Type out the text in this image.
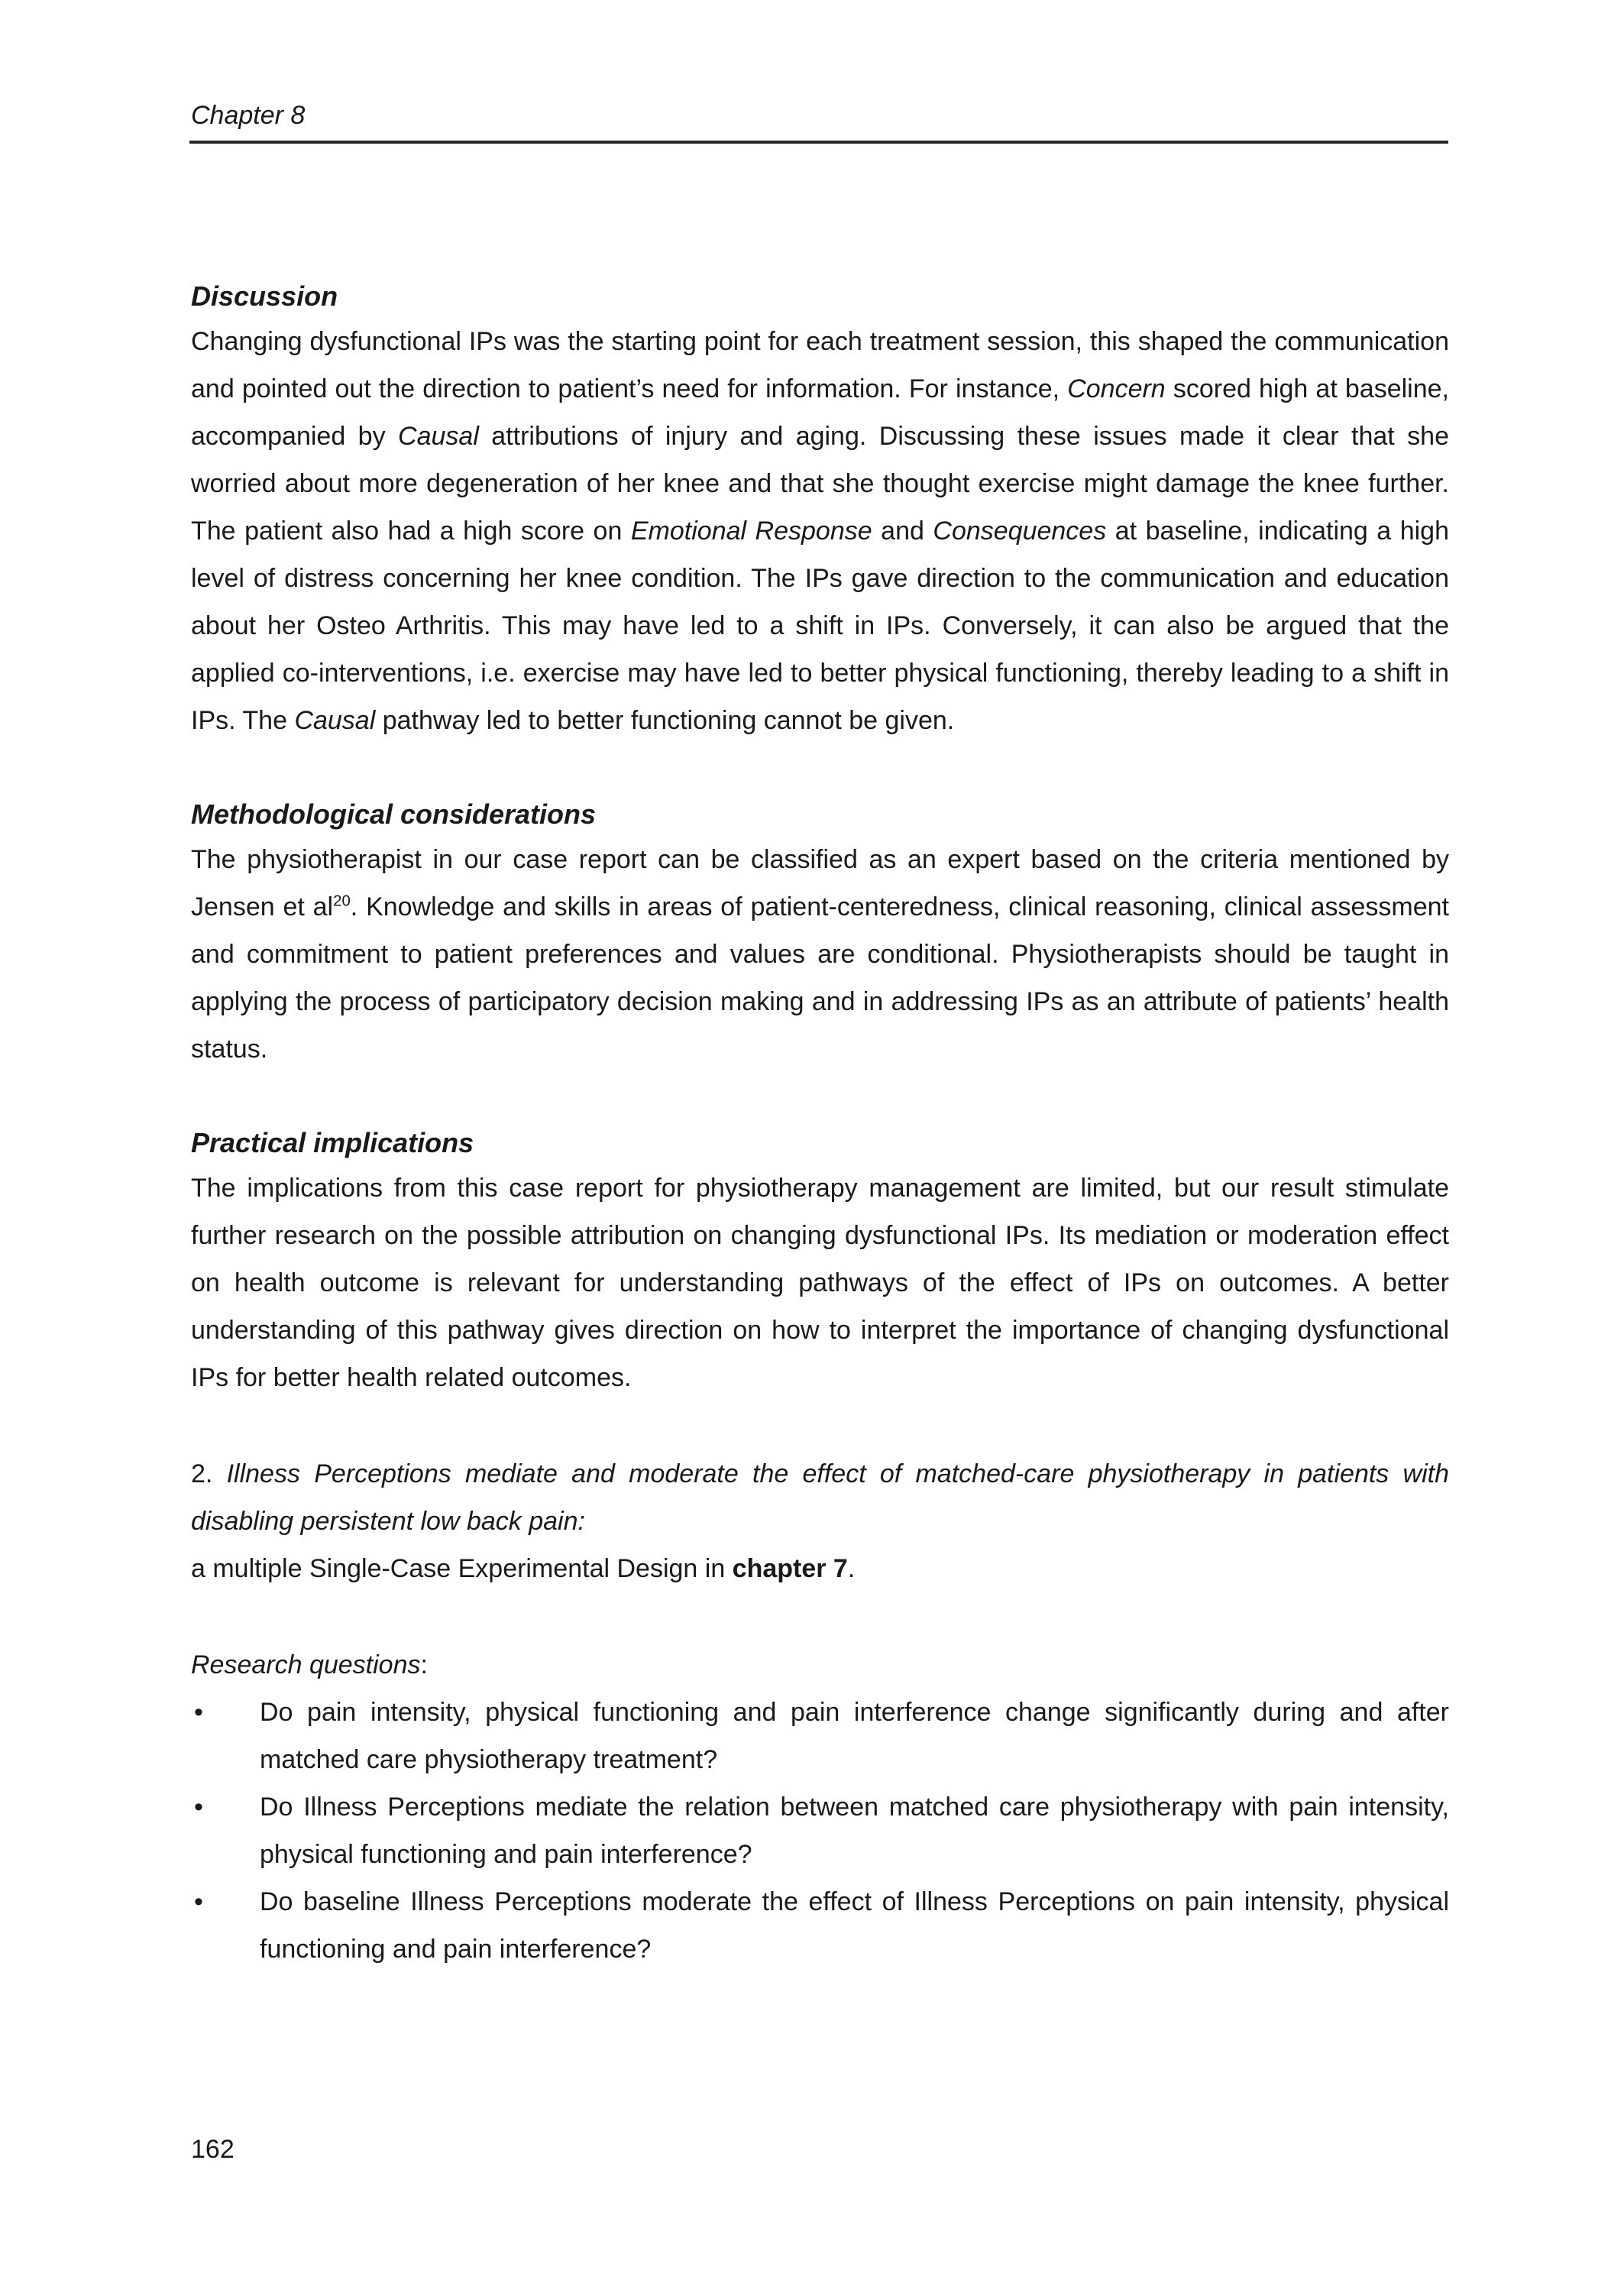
Chapter 8
Discussion

Changing dysfunctional IPs was the starting point for each treatment session, this shaped the communication and pointed out the direction to patient’s need for information. For instance, Concern scored high at baseline, accompanied by Causal attributions of injury and aging. Discussing these issues made it clear that she worried about more degeneration of her knee and that she thought exercise might damage the knee further. The patient also had a high score on Emotional Response and Consequences at baseline, indicating a high level of distress concerning her knee condition. The IPs gave direction to the communication and education about her Osteo Arthritis. This may have led to a shift in IPs. Conversely, it can also be argued that the applied co-interventions, i.e. exercise may have led to better physical functioning, thereby leading to a shift in IPs. The Causal pathway led to better functioning cannot be given.

Methodological considerations

The physiotherapist in our case report can be classified as an expert based on the criteria mentioned by Jensen et $al^{20}$. Knowledge and skills in areas of patient-centeredness, clinical reasoning, clinical assessment and commitment to patient preferences and values are conditional. Physiotherapists should be taught in applying the process of participatory decision making and in addressing IPs as an attribute of patients’ health status.

Practical implications

The implications from this case report for physiotherapy management are limited, but our result stimulate further research on the possible attribution on changing dysfunctional IPs. Its mediation or moderation effect on health outcome is relevant for understanding pathways of the effect of IPs on outcomes. A better understanding of this pathway gives direction on how to interpret the importance of changing dysfunctional IPs for better health related outcomes.

2. Illness Perceptions mediate and moderate the effect of matched-care physiotherapy in patients with disabling persistent low back pain:

a multiple Single-Case Experimental Design in chapter 7.

Research questions:

• Do pain intensity, physical functioning and pain interference change significantly during and after matched care physiotherapy treatment?
• Do Illness Perceptions mediate the relation between matched care physiotherapy with pain intensity, physical functioning and pain interference?
• Do baseline Illness Perceptions moderate the effect of Illness Perceptions on pain intensity, physical functioning and pain interference?
162
